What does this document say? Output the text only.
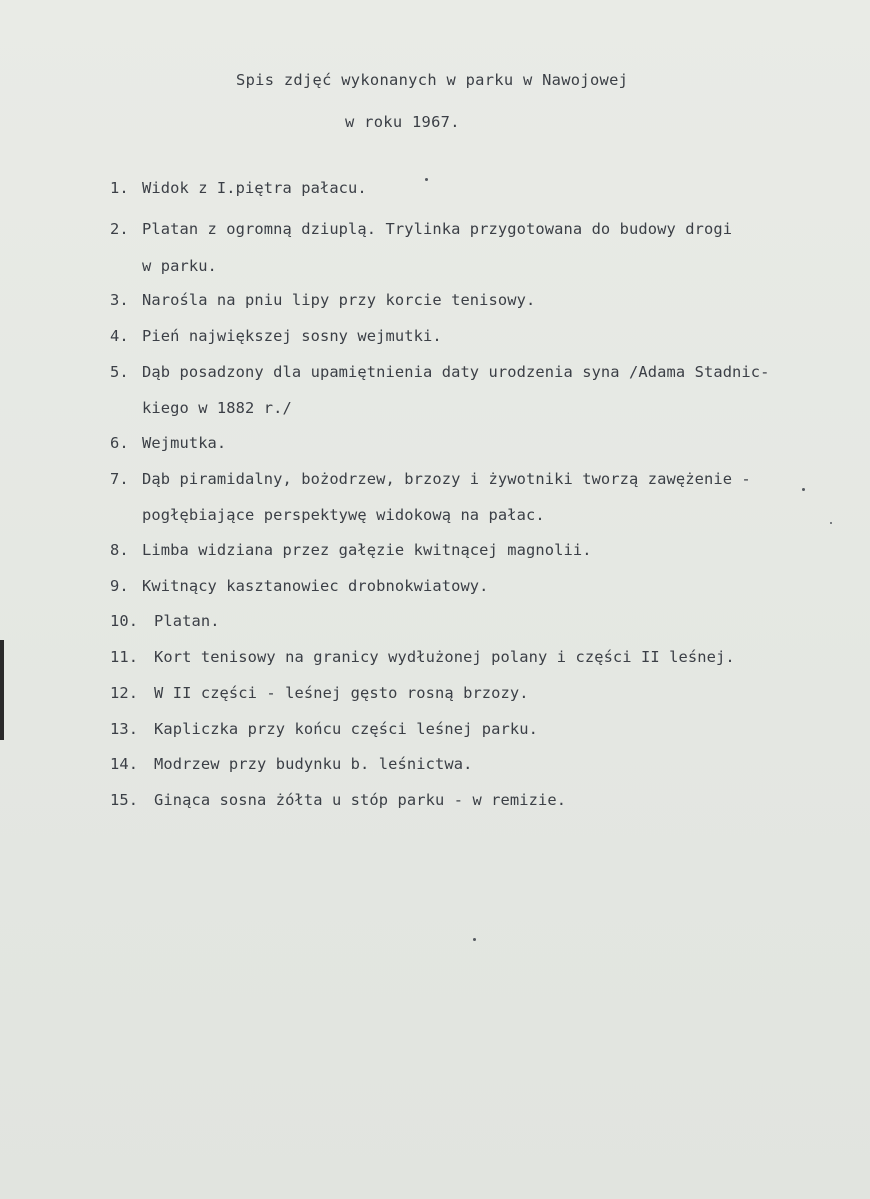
Spis zdjęć wykonanych w parku w Nawojowej
w roku 1967.
1. Widok z I.piętra pałacu.
2. Platan z ogromną dziuplą. Trylinka przygotowana do budowy drogi
w parku.
3. Narośla na pniu lipy przy korcie tenisowy.
4. Pień największej sosny wejmutki.
5. Dąb posadzony dla upamiętnienia daty urodzenia syna /Adama Stadnic-
kiego w 1882 r./
6. Wejmutka.
7. Dąb piramidalny, bożodrzew, brzozy i żywotniki tworzą zawężenie -
pogłębiające perspektywę widokową na pałac.
8. Limba widziana przez gałęzie kwitnącej magnolii.
9. Kwitnący kasztanowiec drobnokwiatowy.
10. Platan.
11. Kort tenisowy na granicy wydłużonej polany i części II leśnej.
12. W II części - leśnej gęsto rosną brzozy.
13. Kapliczka przy końcu części leśnej parku.
14. Modrzew przy budynku b. leśnictwa.
15. Ginąca sosna żółta u stóp parku - w remizie.
